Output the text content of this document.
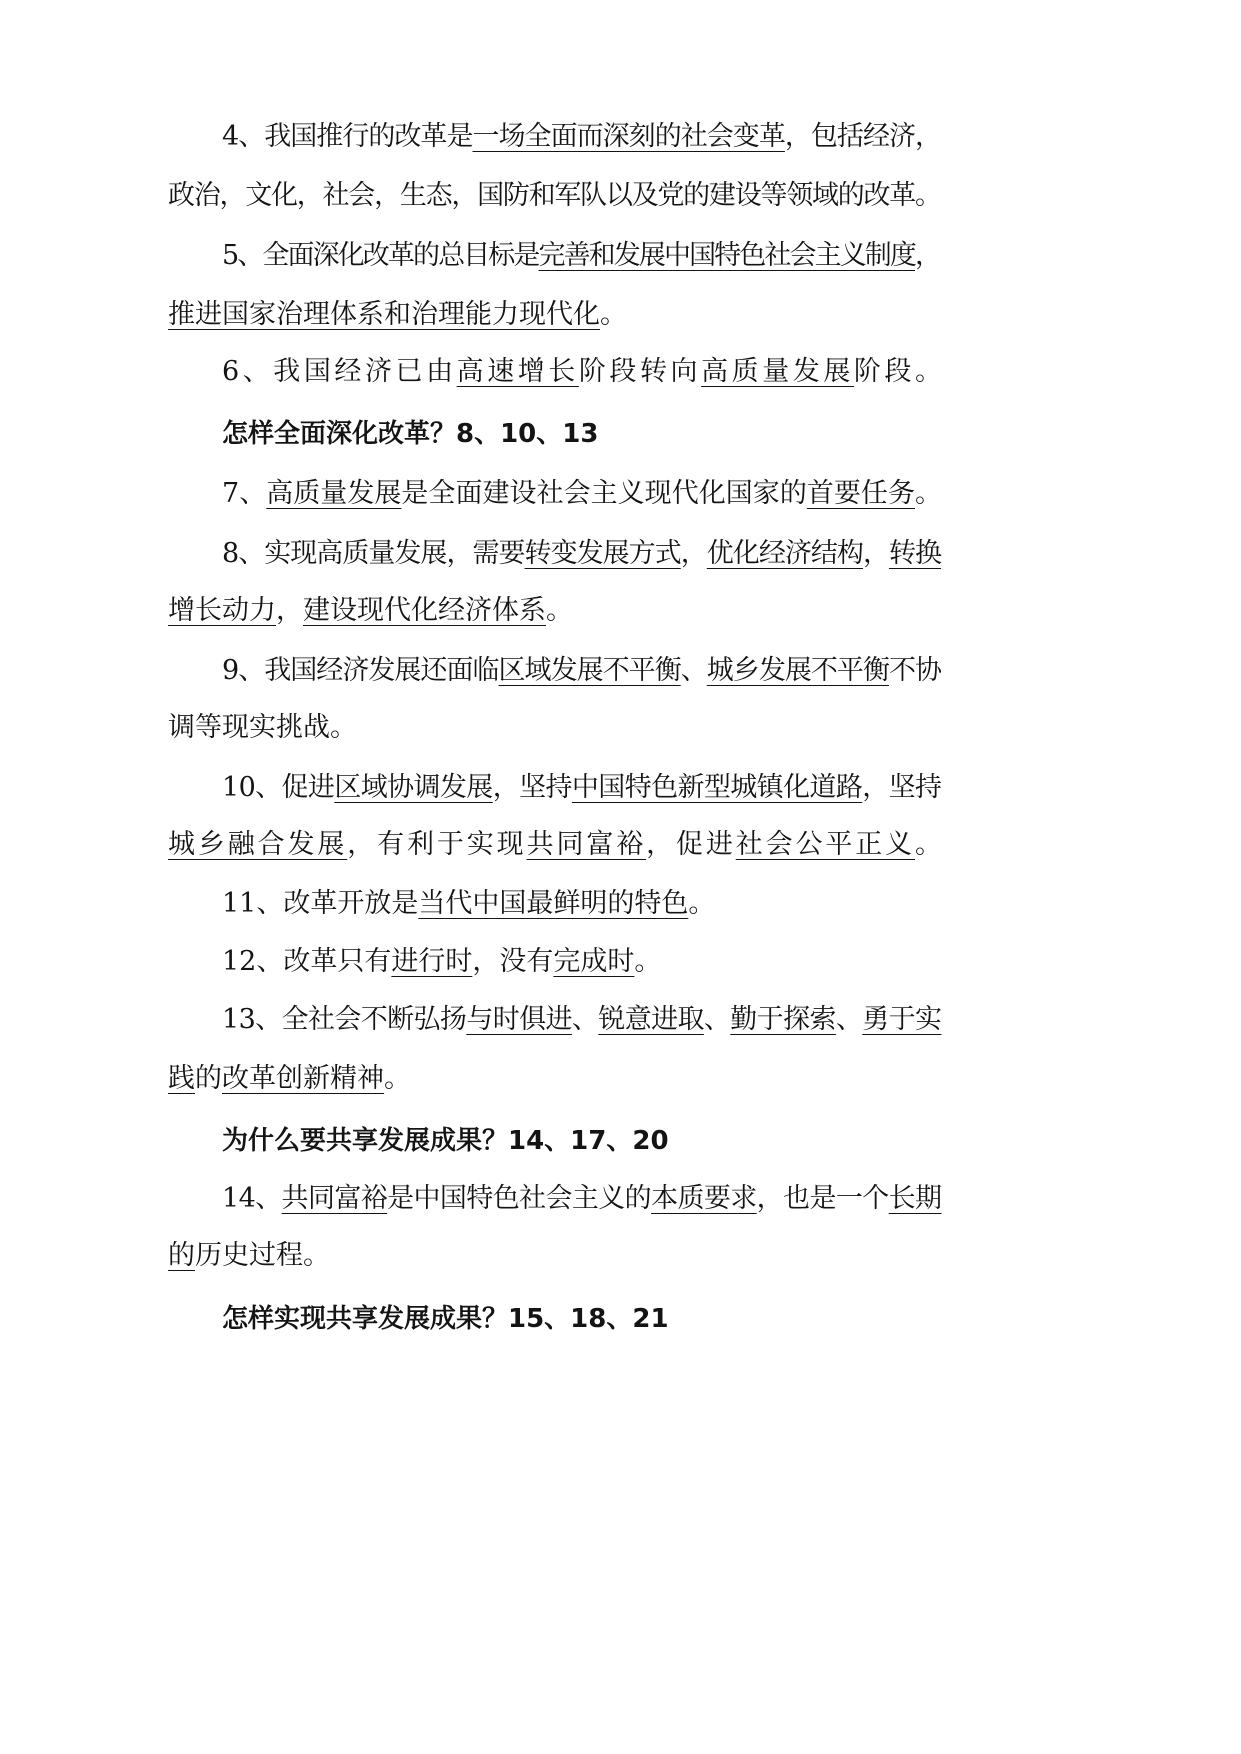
4、我国推行的改革是一场全面而深刻的社会变革，包括经济，
政治，文化，社会，生态，国防和军队以及党的建设等领域的改革。
5、全面深化改革的总目标是完善和发展中国特色社会主义制度，
推进国家治理体系和治理能力现代化。
6、我国经济已由高速增长阶段转向高质量发展阶段。
怎样全面深化改革？8、10、13
7、高质量发展是全面建设社会主义现代化国家的首要任务。
8、实现高质量发展，需要转变发展方式，优化经济结构，转换
增长动力，建设现代化经济体系。
9、我国经济发展还面临区域发展不平衡、城乡发展不平衡不协
调等现实挑战。
10、促进区域协调发展，坚持中国特色新型城镇化道路，坚持
城乡融合发展，有利于实现共同富裕，促进社会公平正义。
11、改革开放是当代中国最鲜明的特色。
12、改革只有进行时，没有完成时。
13、全社会不断弘扬与时俱进、锐意进取、勤于探索、勇于实
践的改革创新精神。
为什么要共享发展成果？14、17、20
14、共同富裕是中国特色社会主义的本质要求，也是一个长期
的历史过程。
怎样实现共享发展成果？15、18、21
